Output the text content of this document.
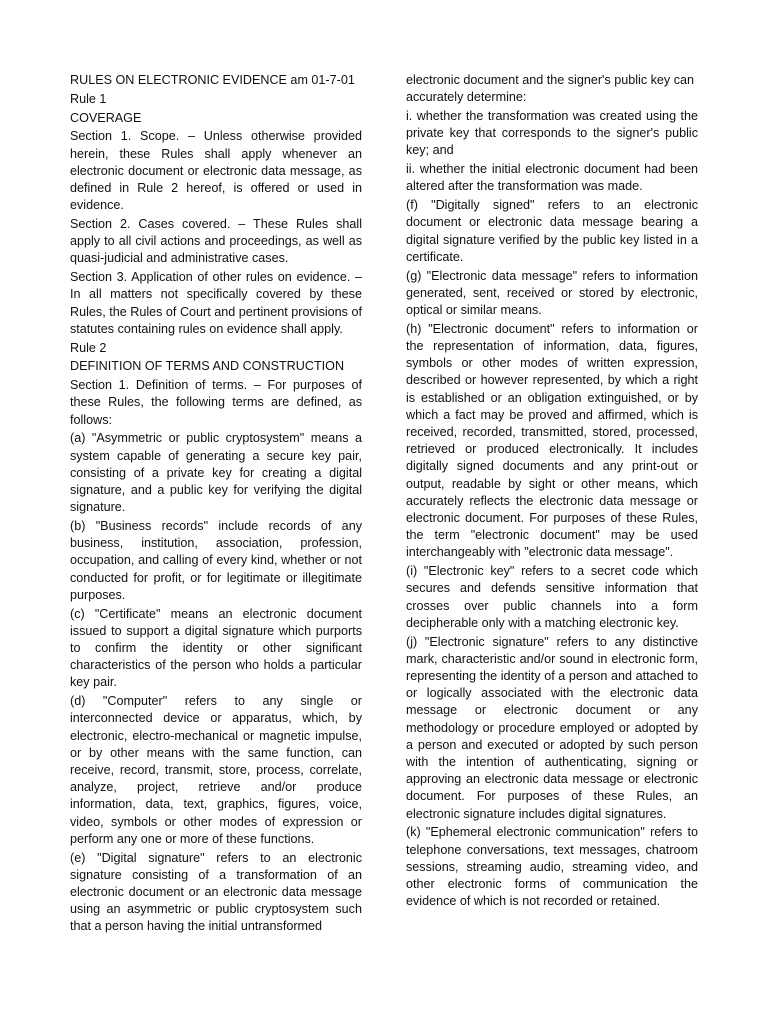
RULES ON ELECTRONIC EVIDENCE am 01-7-01

Rule 1

COVERAGE

Section 1. Scope. – Unless otherwise provided herein, these Rules shall apply whenever an electronic document or electronic data message, as defined in Rule 2 hereof, is offered or used in evidence.

Section 2. Cases covered. – These Rules shall apply to all civil actions and proceedings, as well as quasi-judicial and administrative cases.

Section 3. Application of other rules on evidence. – In all matters not specifically covered by these Rules, the Rules of Court and pertinent provisions of statutes containing rules on evidence shall apply.

Rule 2

DEFINITION OF TERMS AND CONSTRUCTION

Section 1. Definition of terms. – For purposes of these Rules, the following terms are defined, as follows:

(a) "Asymmetric or public cryptosystem" means a system capable of generating a secure key pair, consisting of a private key for creating a digital signature, and a public key for verifying the digital signature.

(b) "Business records" include records of any business, institution, association, profession, occupation, and calling of every kind, whether or not conducted for profit, or for legitimate or illegitimate purposes.

(c) "Certificate" means an electronic document issued to support a digital signature which purports to confirm the identity or other significant characteristics of the person who holds a particular key pair.

(d) "Computer" refers to any single or interconnected device or apparatus, which, by electronic, electro-mechanical or magnetic impulse, or by other means with the same function, can receive, record, transmit, store, process, correlate, analyze, project, retrieve and/or produce information, data, text, graphics, figures, voice, video, symbols or other modes of expression or perform any one or more of these functions.

(e) "Digital signature" refers to an electronic signature consisting of a transformation of an electronic document or an electronic data message using an asymmetric or public cryptosystem such that a person having the initial untransformed

electronic document and the signer's public key can accurately determine:

i. whether the transformation was created using the private key that corresponds to the signer's public key; and

ii. whether the initial electronic document had been altered after the transformation was made.

(f) "Digitally signed" refers to an electronic document or electronic data message bearing a digital signature verified by the public key listed in a certificate.

(g) "Electronic data message" refers to information generated, sent, received or stored by electronic, optical or similar means.

(h) "Electronic document" refers to information or the representation of information, data, figures, symbols or other modes of written expression, described or however represented, by which a right is established or an obligation extinguished, or by which a fact may be proved and affirmed, which is received, recorded, transmitted, stored, processed, retrieved or produced electronically. It includes digitally signed documents and any print-out or output, readable by sight or other means, which accurately reflects the electronic data message or electronic document. For purposes of these Rules, the term "electronic document" may be used interchangeably with "electronic data message".

(i) "Electronic key" refers to a secret code which secures and defends sensitive information that crosses over public channels into a form decipherable only with a matching electronic key.

(j) "Electronic signature" refers to any distinctive mark, characteristic and/or sound in electronic form, representing the identity of a person and attached to or logically associated with the electronic data message or electronic document or any methodology or procedure employed or adopted by a person and executed or adopted by such person with the intention of authenticating, signing or approving an electronic data message or electronic document. For purposes of these Rules, an electronic signature includes digital signatures.

(k) "Ephemeral electronic communication" refers to telephone conversations, text messages, chatroom sessions, streaming audio, streaming video, and other electronic forms of communication the evidence of which is not recorded or retained.
